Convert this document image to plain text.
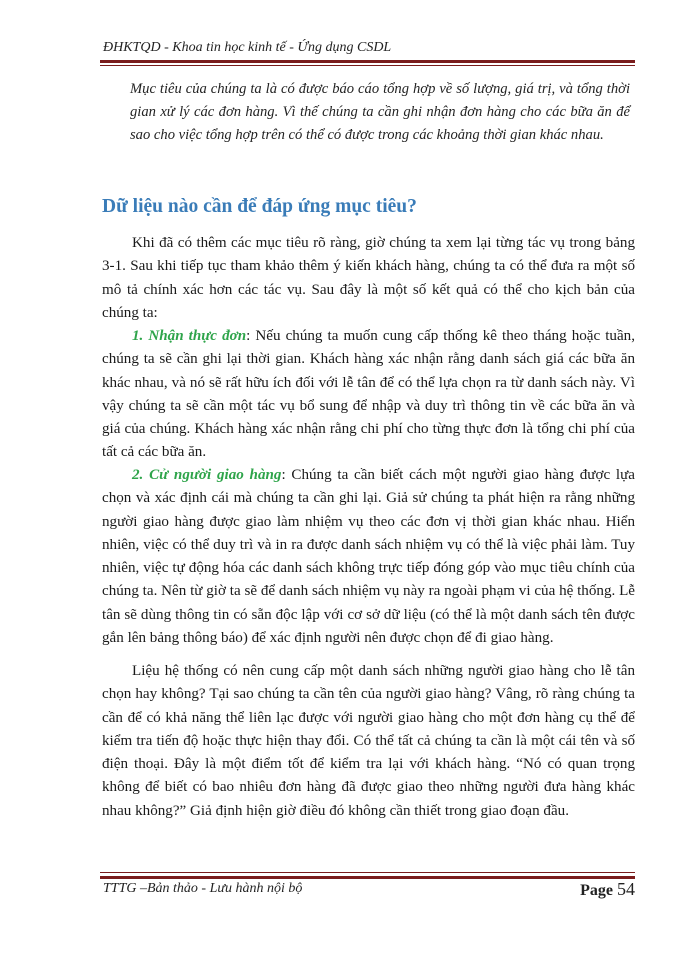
ĐHKTQD - Khoa tin học kinh tế - Ứng dụng CSDL
Mục tiêu của chúng ta là có được báo cáo tổng hợp về số lượng, giá trị, và tổng thời gian xử lý các đơn hàng. Vì thế chúng ta cần ghi nhận đơn hàng cho các bữa ăn để sao cho việc tổng hợp trên có thể có được trong các khoảng thời gian khác nhau.
Dữ liệu nào cần để đáp ứng mục tiêu?

Khi đã có thêm các mục tiêu rõ ràng, giờ chúng ta xem lại từng tác vụ trong bảng 3-1. Sau khi tiếp tục tham khảo thêm ý kiến khách hàng, chúng ta có thể đưa ra một số mô tả chính xác hơn các tác vụ. Sau đây là một số kết quả có thể cho kịch bản của chúng ta:

1. Nhận thực đơn: Nếu chúng ta muốn cung cấp thống kê theo tháng hoặc tuần, chúng ta sẽ cần ghi lại thời gian. Khách hàng xác nhận rằng danh sách giá các bữa ăn khác nhau, và nó sẽ rất hữu ích đối với lễ tân để có thể lựa chọn ra từ danh sách này. Vì vậy chúng ta sẽ cần một tác vụ bổ sung để nhập và duy trì thông tin về các bữa ăn và giá của chúng. Khách hàng xác nhận rằng chi phí cho từng thực đơn là tổng chi phí của tất cả các bữa ăn.

2. Cử người giao hàng: Chúng ta cần biết cách một người giao hàng được lựa chọn và xác định cái mà chúng ta cần ghi lại. Giả sử chúng ta phát hiện ra rằng những người giao hàng được giao làm nhiệm vụ theo các đơn vị thời gian khác nhau. Hiển nhiên, việc có thể duy trì và in ra được danh sách nhiệm vụ có thể là việc phải làm. Tuy nhiên, việc tự động hóa các danh sách không trực tiếp đóng góp vào mục tiêu chính của chúng ta. Nên từ giờ ta sẽ để danh sách nhiệm vụ này ra ngoài phạm vi của hệ thống. Lễ tân sẽ dùng thông tin có sẵn độc lập với cơ sở dữ liệu (có thể là một danh sách tên được gắn lên bảng thông báo) để xác định người nên được chọn để đi giao hàng.

Liệu hệ thống có nên cung cấp một danh sách những người giao hàng cho lễ tân chọn hay không? Tại sao chúng ta cần tên của người giao hàng? Vâng, rõ ràng chúng ta cần để có khả năng thể liên lạc được với người giao hàng cho một đơn hàng cụ thể để kiểm tra tiến độ hoặc thực hiện thay đổi. Có thể tất cả chúng ta cần là một cái tên và số điện thoại. Đây là một điểm tốt để kiểm tra lại với khách hàng. “Nó có quan trọng không để biết có bao nhiêu đơn hàng đã được giao theo những người đưa hàng khác nhau không?” Giả định hiện giờ điều đó không cần thiết trong giao đoạn đầu.

TTTG –Bản thảo - Lưu hành nội bộ	Page 54
